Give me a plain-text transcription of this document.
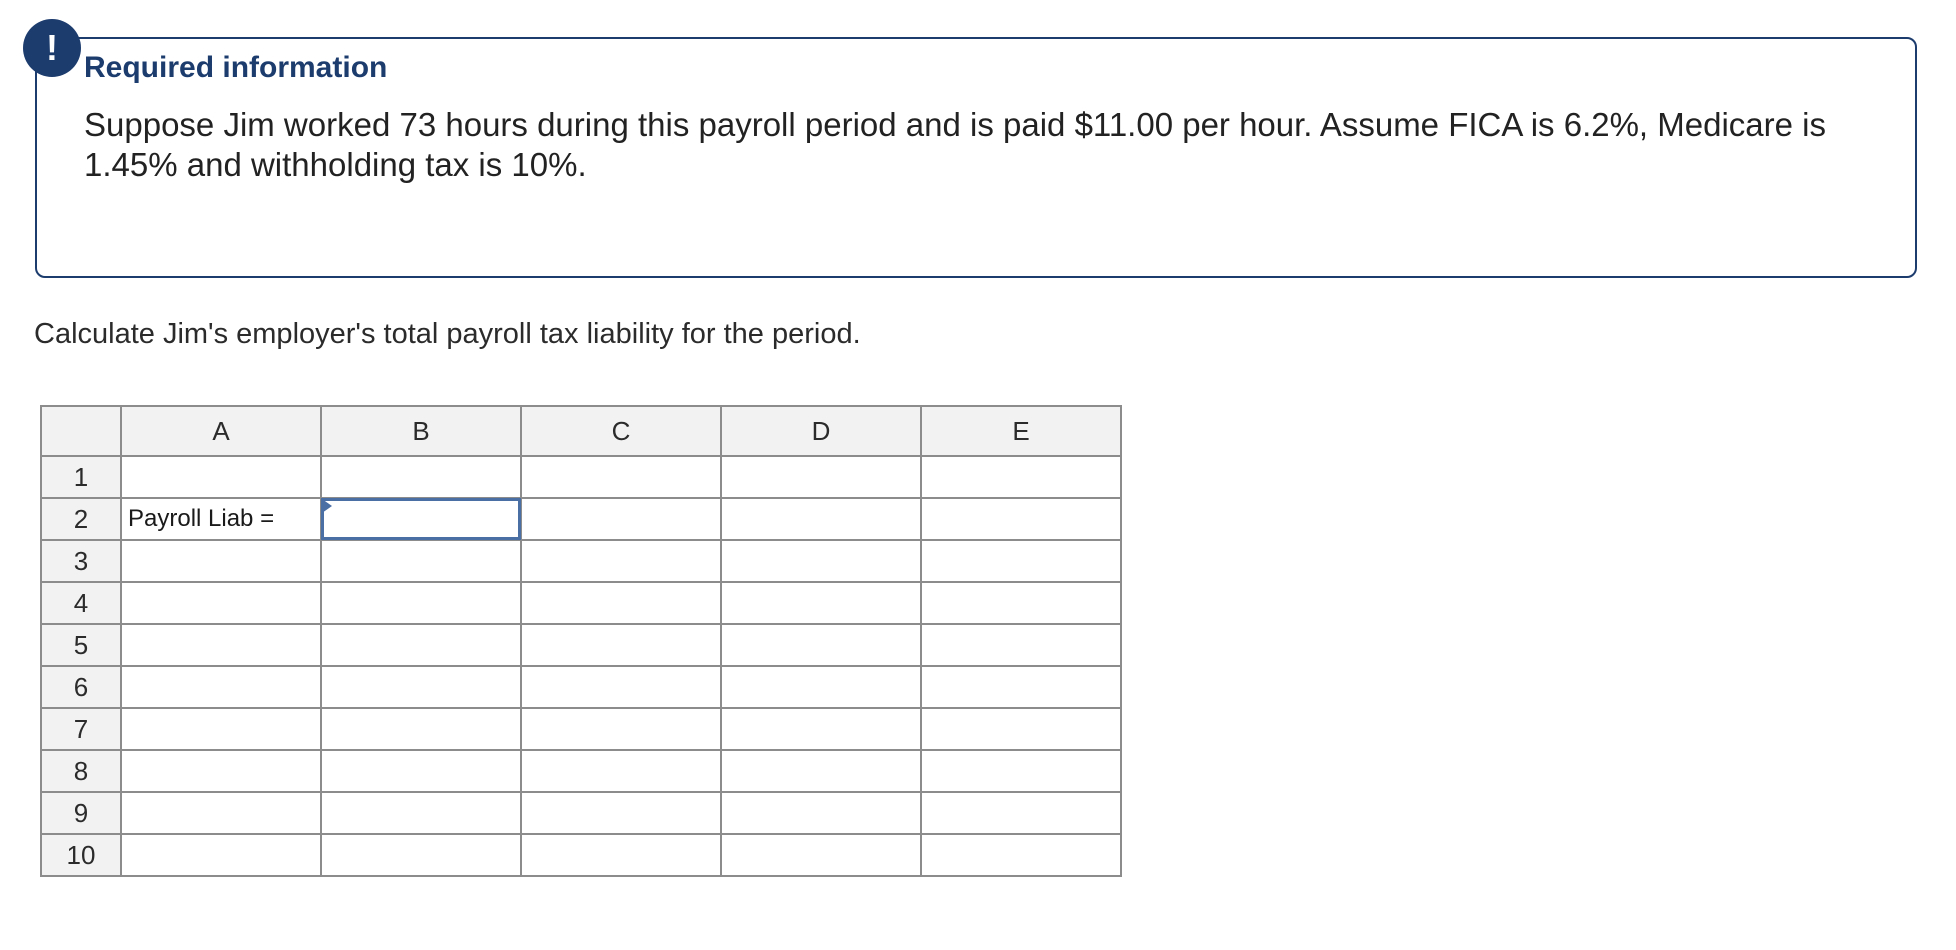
! Required information

Suppose Jim worked 73 hours during this payroll period and is paid $11.00 per hour. Assume FICA is 6.2%, Medicare is 1.45% and withholding tax is 10%.

Calculate Jim's employer's total payroll tax liability for the period.

	A	B	C	D	E
1					
2	Payroll Liab =	

3					
4					
5					
6					
7					
8					
9					
10					
